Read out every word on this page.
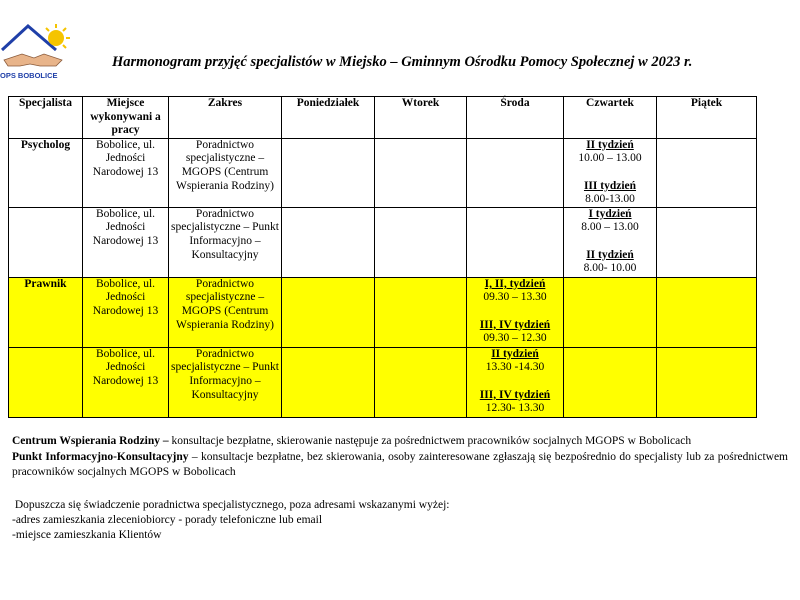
OPS BOBOLICE
Harmonogram przyjęć specjalistów w Miejsko – Gminnym Ośrodku Pomocy Społecznej w 2023 r.
Specjalista	Miejsce wykonywani a pracy	Zakres	Poniedziałek	Wtorek	Środa	Czwartek	Piątek
Psycholog	Bobolice, ul. Jedności Narodowej 13	Poradnictwo specjalistyczne – MGOPS (Centrum Wspierania Rodziny)				II tydzień
10.00 – 13.00
III tydzień
8.00-13.00	
	Bobolice, ul. Jedności Narodowej 13	Poradnictwo specjalistyczne – Punkt Informacyjno – Konsultacyjny				I tydzień
8.00 – 13.00
II tydzień
8.00- 10.00	
Prawnik	Bobolice, ul. Jedności Narodowej 13	Poradnictwo specjalistyczne – MGOPS (Centrum Wspierania Rodziny)			I, II, tydzień
09.30 – 13.30
III, IV tydzień
09.30 – 12.30		
	Bobolice, ul. Jedności Narodowej 13	Poradnictwo specjalistyczne – Punkt Informacyjno – Konsultacyjny			II tydzień
13.30 -14.30
III, IV tydzień
12.30- 13.30		
Centrum Wspierania Rodziny – konsultacje bezpłatne, skierowanie następuje za pośrednictwem pracowników socjalnych MGOPS w Bobolicach
Punkt Informacyjno-Konsultacyjny – konsultacje bezpłatne, bez skierowania, osoby zainteresowane zgłaszają się bezpośrednio do specjalisty lub za pośrednictwem pracowników socjalnych MGOPS w Bobolicach
Dopuszcza się świadczenie poradnictwa specjalistycznego, poza adresami wskazanymi wyżej:
-adres zamieszkania zleceniobiorcy - porady telefoniczne lub email
-miejsce zamieszkania Klientów
